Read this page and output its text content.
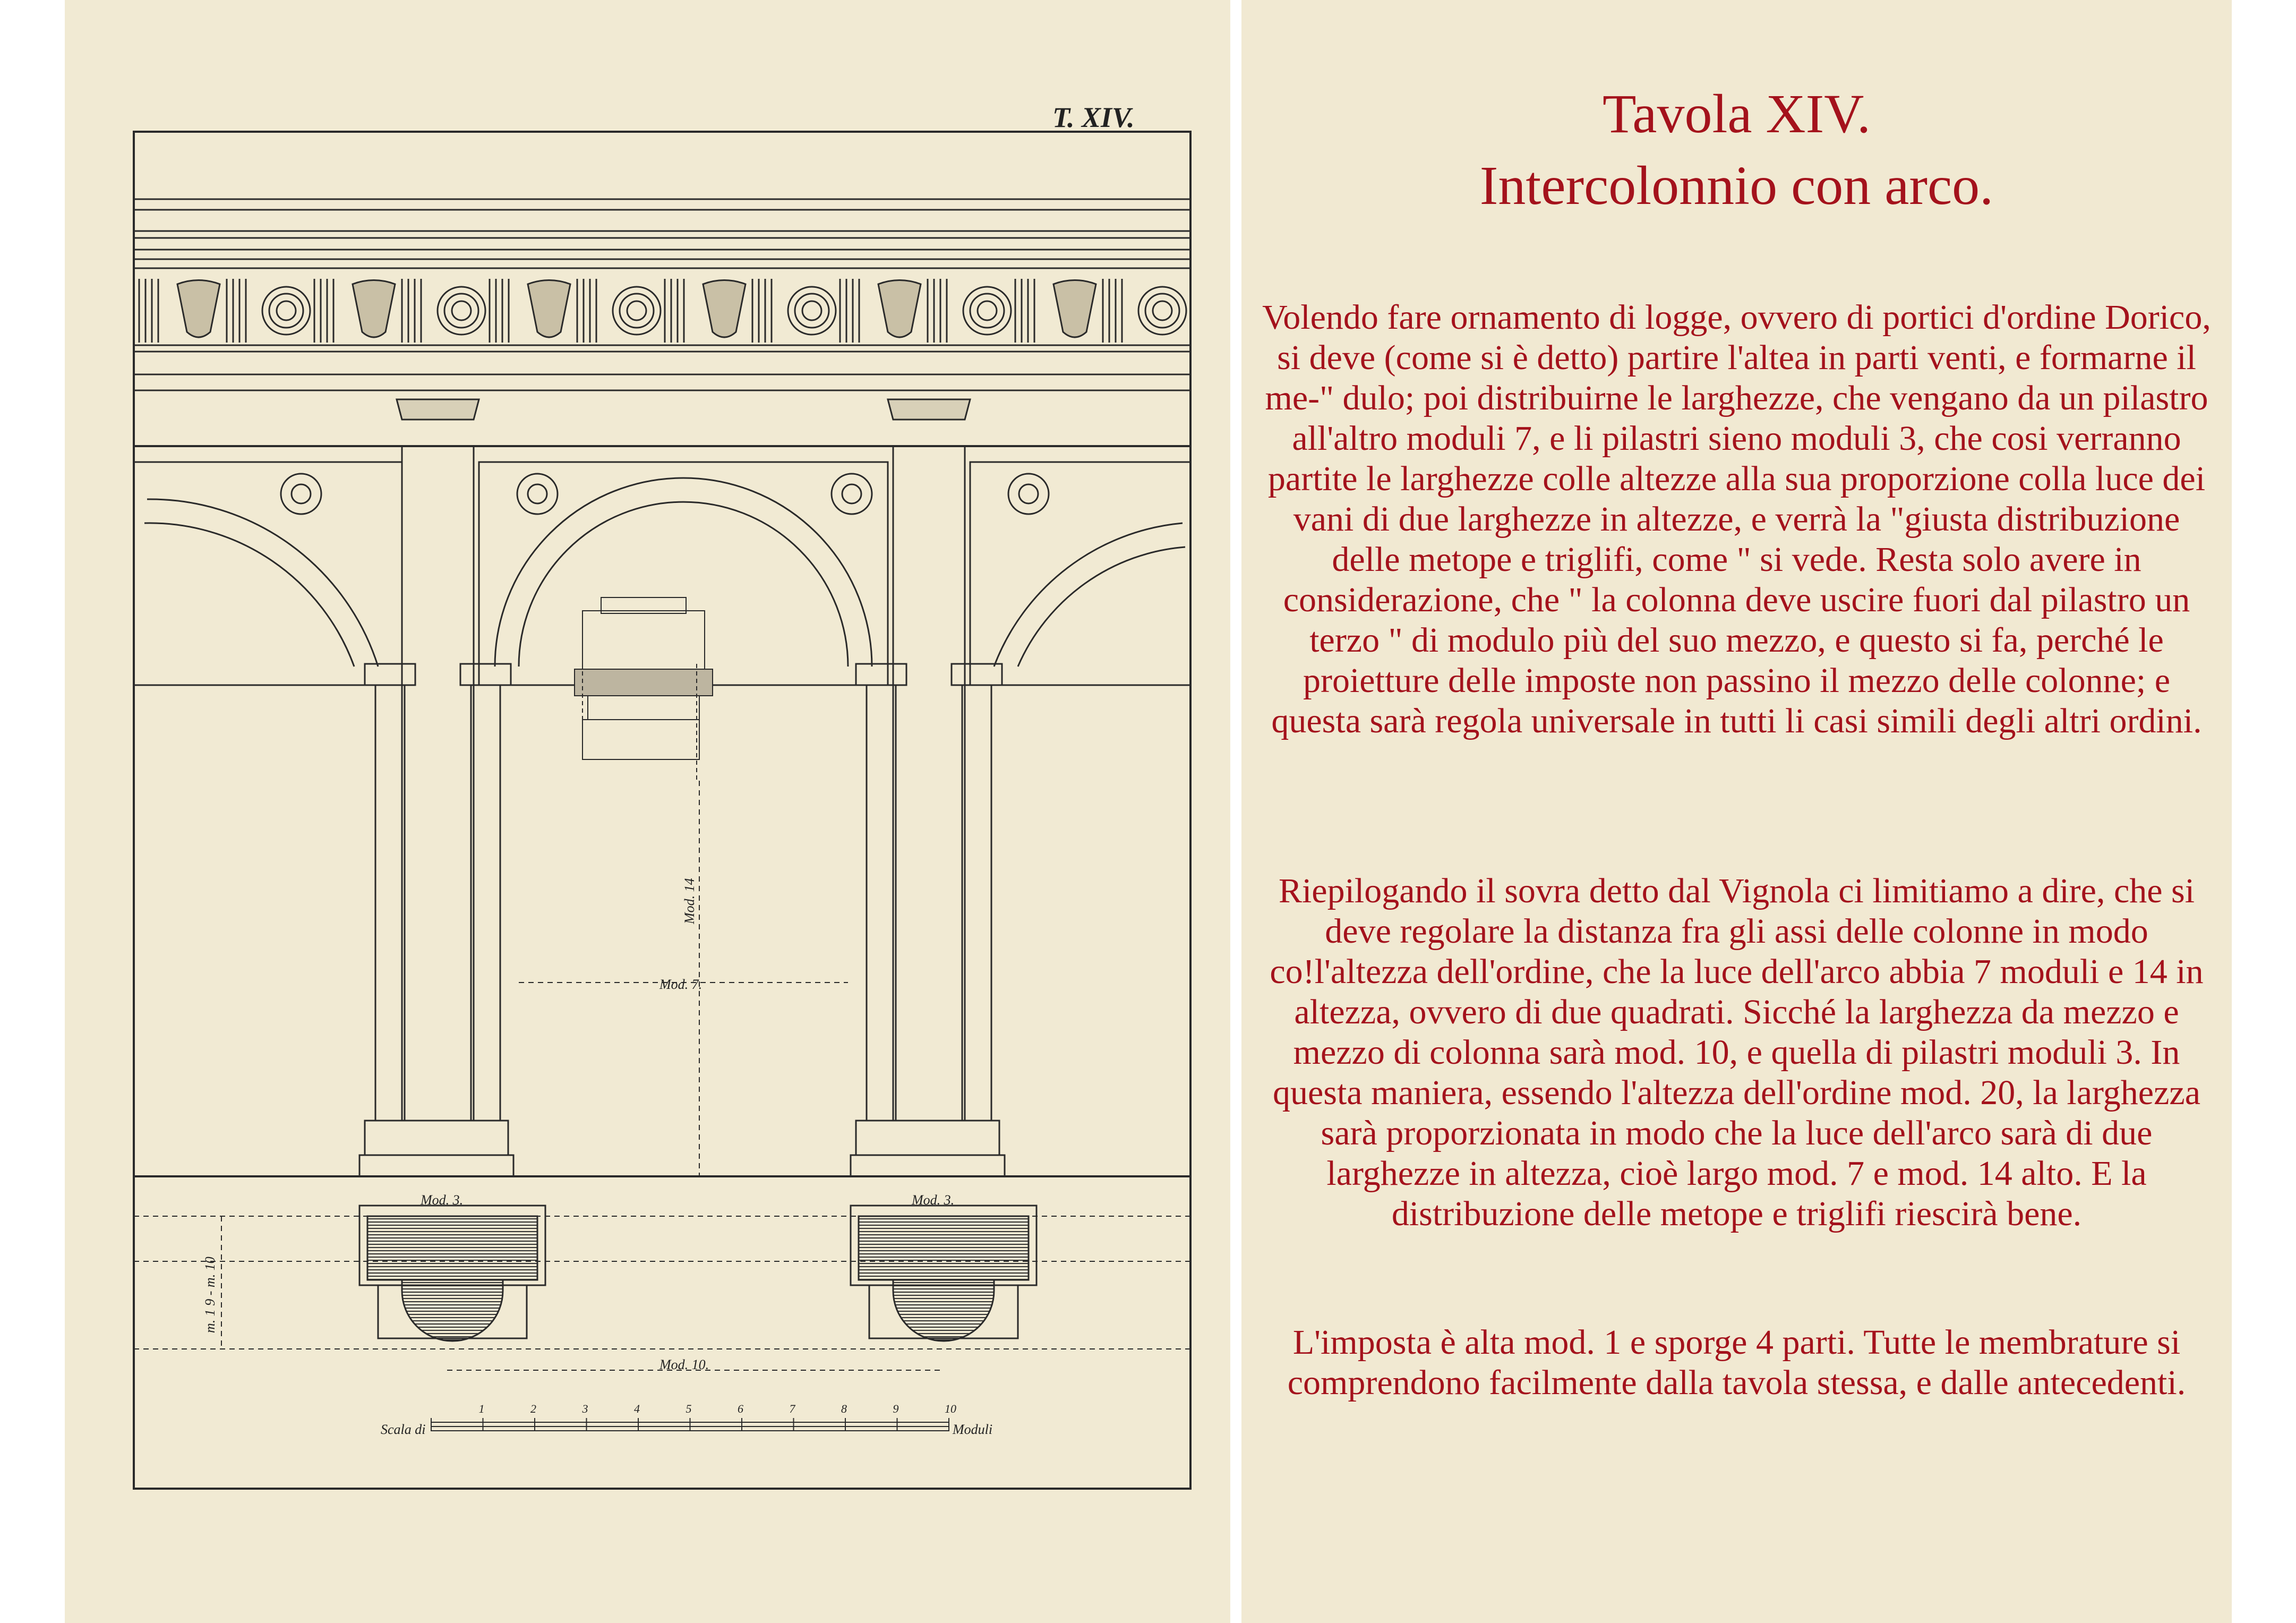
T. XIV.
Mod. 3.	Mod. 3.
Mod. 7.
Mod. 14
Mod. 10.
Scala di	Moduli
m. 1 9 - m. 10
1	2	3	4	5	6	7	8	9	10
Tavola XIV.
Intercolonnio con arco.
Volendo fare ornamento di logge, ovvero di portici d'ordine Dorico, si deve (come si è detto) partire l'altea in parti venti, e formarne il me-" dulo; poi distribuirne le larghezze, che vengano da un pilastro all'altro moduli 7, e li pilastri sieno moduli 3, che cosi verranno partite le larghezze colle altezze alla sua proporzione colla luce dei vani di due larghezze in altezze, e verrà la "giusta distribuzione delle metope e triglifi, come " si vede. Resta solo avere in considerazione, che " la colonna deve uscire fuori dal pilastro un terzo " di modulo più del suo mezzo, e questo si fa, perché le proietture delle imposte non passino il mezzo delle colonne; e questa sarà regola universale in tutti li casi simili degli altri ordini.
Riepilogando il sovra detto dal Vignola ci limitiamo a dire, che si deve regolare la distanza fra gli assi delle colonne in modo co!l'altezza dell'ordine, che la luce dell'arco abbia 7 moduli e 14 in altezza, ovvero di due quadrati. Sicché la larghezza da mezzo e mezzo di colonna sarà mod. 10, e quella di pilastri moduli 3. In questa maniera, essendo l'altezza dell'ordine mod. 20, la larghezza sarà proporzionata in modo che la luce dell'arco sarà di due larghezze in altezza, cioè largo mod. 7 e mod. 14 alto. E la distribuzione delle metope e triglifi riescirà bene.
L'imposta è alta mod. 1 e sporge 4 parti. Tutte le membrature si comprendono facilmente dalla tavola stessa, e dalle antecedenti.
